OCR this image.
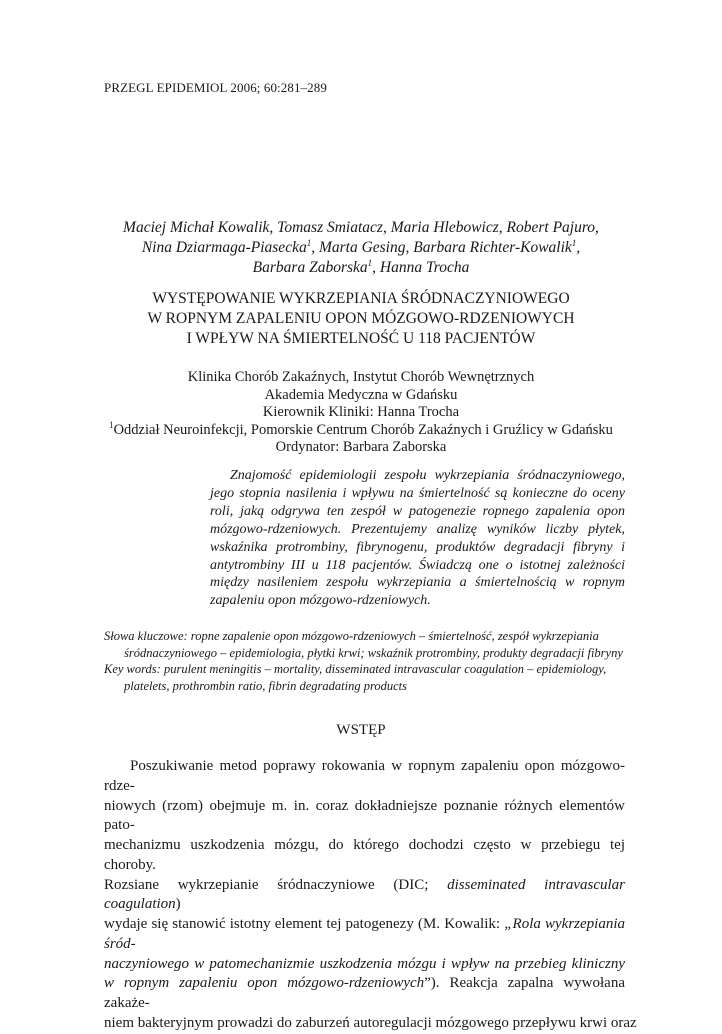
PRZEGL EPIDEMIOL 2006; 60:281–289
Maciej Michał Kowalik, Tomasz Smiatacz, Maria Hlebowicz, Robert Pajuro,
Nina Dziarmaga-Piasecka$^1$, Marta Gesing, Barbara Richter-Kowalik$^1$,
Barbara Zaborska$^1$, Hanna Trocha
WYSTĘPOWANIE WYKRZEPIANIA ŚRÓDNACZYNIOWEGO
W ROPNYM ZAPALENIU OPON MÓZGOWO-RDZENIOWYCH
I WPŁYW NA ŚMIERTELNOŚĆ U 118 PACJENTÓW
Klinika Chorób Zakaźnych, Instytut Chorób Wewnętrznych
Akademia Medyczna w Gdańsku
Kierownik Kliniki: Hanna Trocha
$^1$Oddział Neuroinfekcji, Pomorskie Centrum Chorób Zakaźnych i Gruźlicy w Gdańsku
Ordynator: Barbara Zaborska
Znajomość epidemiologii zespołu wykrzepiania śródnaczyniowego, jego stopnia nasilenia i wpływu na śmiertelność są konieczne do oceny roli, jaką odgrywa ten zespół w patogenezie ropnego zapalenia opon mózgowo-rdzeniowych. Prezentujemy analizę wyników liczby płytek, wskaźnika protrombiny, fibrynogenu, produktów degradacji fibryny i antytrombiny III u 118 pacjentów. Świadczą one o istotnej zależności między nasileniem zespołu wykrzepiania a śmiertelnością w ropnym zapaleniu opon mózgowo-rdzeniowych.
Słowa kluczowe: ropne zapalenie opon mózgowo-rdzeniowych – śmiertelność, zespół wykrzepiania śródnaczyniowego – epidemiologia, płytki krwi; wskaźnik protrombiny, produkty degradacji fibryny
Key words: purulent meningitis – mortality, disseminated intravascular coagulation – epidemiology, platelets, prothrombin ratio, fibrin degradating products
WSTĘP
Poszukiwanie metod poprawy rokowania w ropnym zapaleniu opon mózgowo-rdze-
niowych (rzom) obejmuje m. in. coraz dokładniejsze poznanie różnych elementów pato-
mechanizmu uszkodzenia mózgu, do którego dochodzi często w przebiegu tej choroby.
Rozsiane wykrzepianie śródnaczyniowe (DIC; disseminated intravascular coagulation)
wydaje się stanowić istotny element tej patogenezy (M. Kowalik: „Rola wykrzepiania śród-
naczyniowego w patomechanizmie uszkodzenia mózgu i wpływ na przebieg kliniczny
w ropnym zapaleniu opon mózgowo-rdzeniowych”). Reakcja zapalna wywołana zakaże-
niem bakteryjnym prowadzi do zaburzeń autoregulacji mózgowego przepływu krwi oraz
